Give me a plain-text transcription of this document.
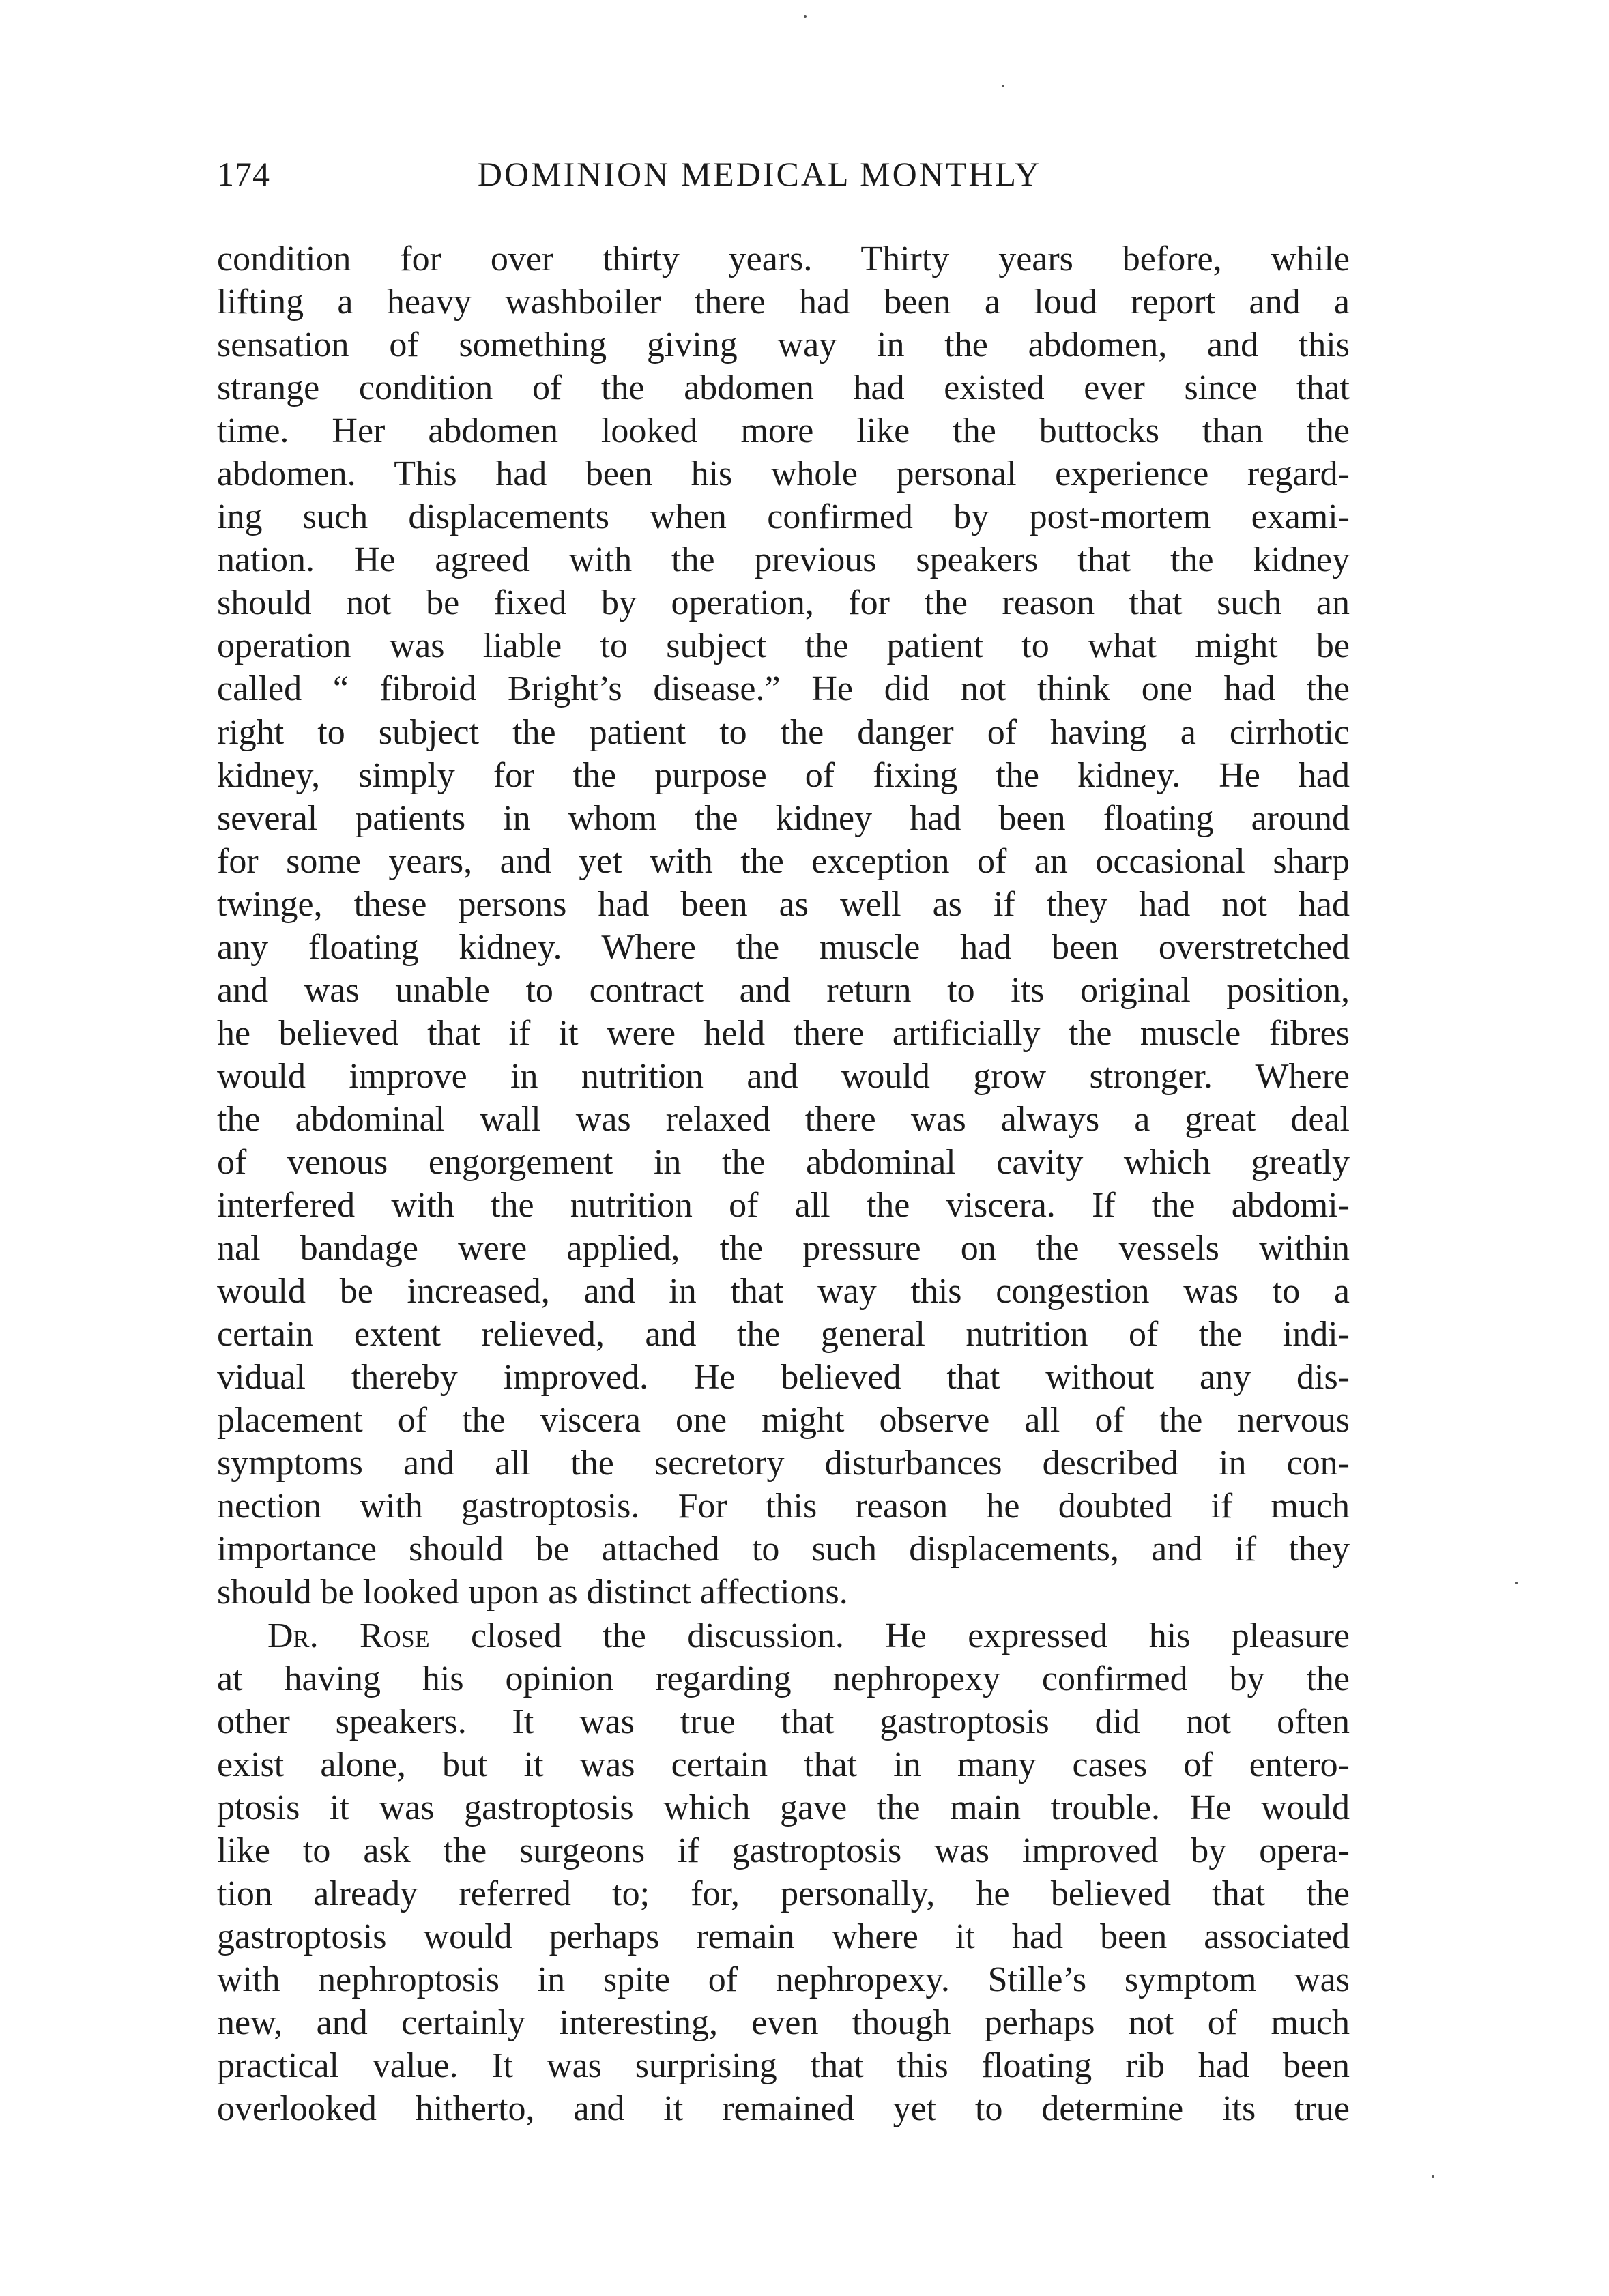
174	DOMINION MEDICAL MONTHLY
condition for over thirty years. Thirty years before, while
lifting a heavy washboiler there had been a loud report and a
sensation of something giving way in the abdomen, and this
strange condition of the abdomen had existed ever since that
time. Her abdomen looked more like the buttocks than the
abdomen. This had been his whole personal experience regard-
ing such displacements when confirmed by post-mortem exami-
nation. He agreed with the previous speakers that the kidney
should not be fixed by operation, for the reason that such an
operation was liable to subject the patient to what might be
called “ fibroid Bright’s disease.” He did not think one had the
right to subject the patient to the danger of having a cirrhotic
kidney, simply for the purpose of fixing the kidney. He had
several patients in whom the kidney had been floating around
for some years, and yet with the exception of an occasional sharp
twinge, these persons had been as well as if they had not had
any floating kidney. Where the muscle had been overstretched
and was unable to contract and return to its original position,
he believed that if it were held there artificially the muscle fibres
would improve in nutrition and would grow stronger. Where
the abdominal wall was relaxed there was always a great deal
of venous engorgement in the abdominal cavity which greatly
interfered with the nutrition of all the viscera. If the abdomi-
nal bandage were applied, the pressure on the vessels within
would be increased, and in that way this congestion was to a
certain extent relieved, and the general nutrition of the indi-
vidual thereby improved. He believed that without any dis-
placement of the viscera one might observe all of the nervous
symptoms and all the secretory disturbances described in con-
nection with gastroptosis. For this reason he doubted if much
importance should be attached to such displacements, and if they
should be looked upon as distinct affections.
Dr. Rose closed the discussion. He expressed his pleasure
at having his opinion regarding nephropexy confirmed by the
other speakers. It was true that gastroptosis did not often
exist alone, but it was certain that in many cases of entero-
ptosis it was gastroptosis which gave the main trouble. He would
like to ask the surgeons if gastroptosis was improved by opera-
tion already referred to; for, personally, he believed that the
gastroptosis would perhaps remain where it had been associated
with nephroptosis in spite of nephropexy. Stille’s symptom was
new, and certainly interesting, even though perhaps not of much
practical value. It was surprising that this floating rib had been
overlooked hitherto, and it remained yet to determine its true
